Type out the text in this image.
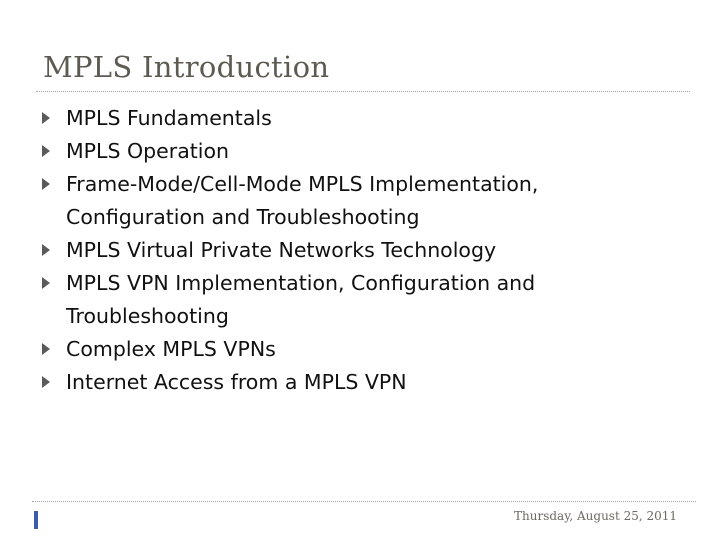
MPLS Introduction
MPLS Fundamentals
MPLS Operation
Frame-Mode/Cell-Mode MPLS Implementation,
Configuration and Troubleshooting
MPLS Virtual Private Networks Technology
MPLS VPN Implementation, Configuration and
Troubleshooting
Complex MPLS VPNs
Internet Access from a MPLS VPN
Thursday, August 25, 2011
